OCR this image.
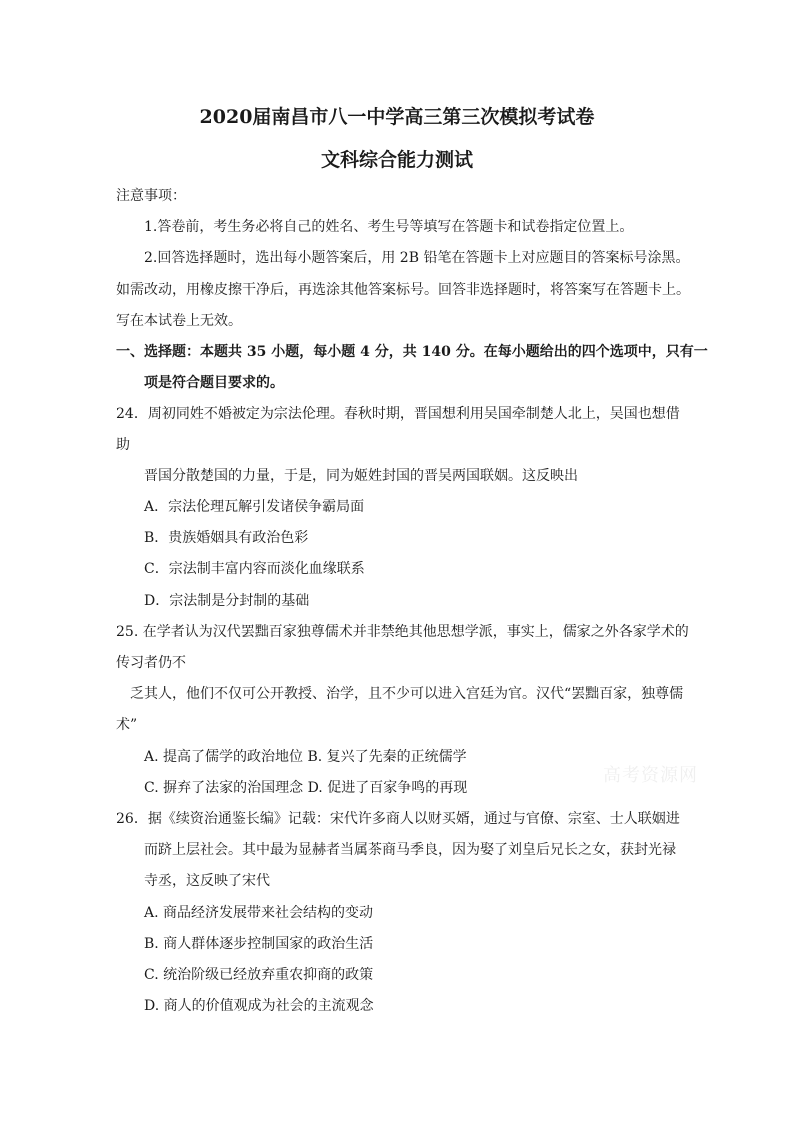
2020届南昌市八一中学高三第三次模拟考试卷
文科综合能力测试
注意事项：
1.答卷前，考生务必将自己的姓名、考生号等填写在答题卡和试卷指定位置上。
2.回答选择题时，选出每小题答案后，用 2B 铅笔在答题卡上对应题目的答案标号涂黑。
如需改动，用橡皮擦干净后，再选涂其他答案标号。回答非选择题时，将答案写在答题卡上。
写在本试卷上无效。
一、选择题：本题共 35 小题，每小题 4 分，共 140 分。在每小题给出的四个选项中，只有一
项是符合题目要求的。
24．周初同姓不婚被定为宗法伦理。春秋时期，晋国想利用吴国牵制楚人北上，吴国也想借
助
晋国分散楚国的力量，于是，同为姬姓封国的晋吴两国联姻。这反映出
A．宗法伦理瓦解引发诸侯争霸局面
B．贵族婚姻具有政治色彩
C．宗法制丰富内容而淡化血缘联系
D．宗法制是分封制的基础
25. 在学者认为汉代罢黜百家独尊儒术并非禁绝其他思想学派，事实上，儒家之外各家学术的
传习者仍不
乏其人，他们不仅可公开教授、治学，且不少可以进入宫廷为官。汉代“罢黜百家，独尊儒
术”
A. 提高了儒学的政治地位 B. 复兴了先秦的正统儒学
C. 摒弃了法家的治国理念 D. 促进了百家争鸣的再现
26．据《续资治通鉴长编》记载：宋代许多商人以财买婿，通过与官僚、宗室、士人联姻进
而跻上层社会。其中最为显赫者当属茶商马季良，因为娶了刘皇后兄长之女，获封光禄
寺丞，这反映了宋代
A. 商品经济发展带来社会结构的变动
B. 商人群体逐步控制国家的政治生活
C. 统治阶级已经放弃重农抑商的政策
D. 商人的价值观成为社会的主流观念
高考资源网
